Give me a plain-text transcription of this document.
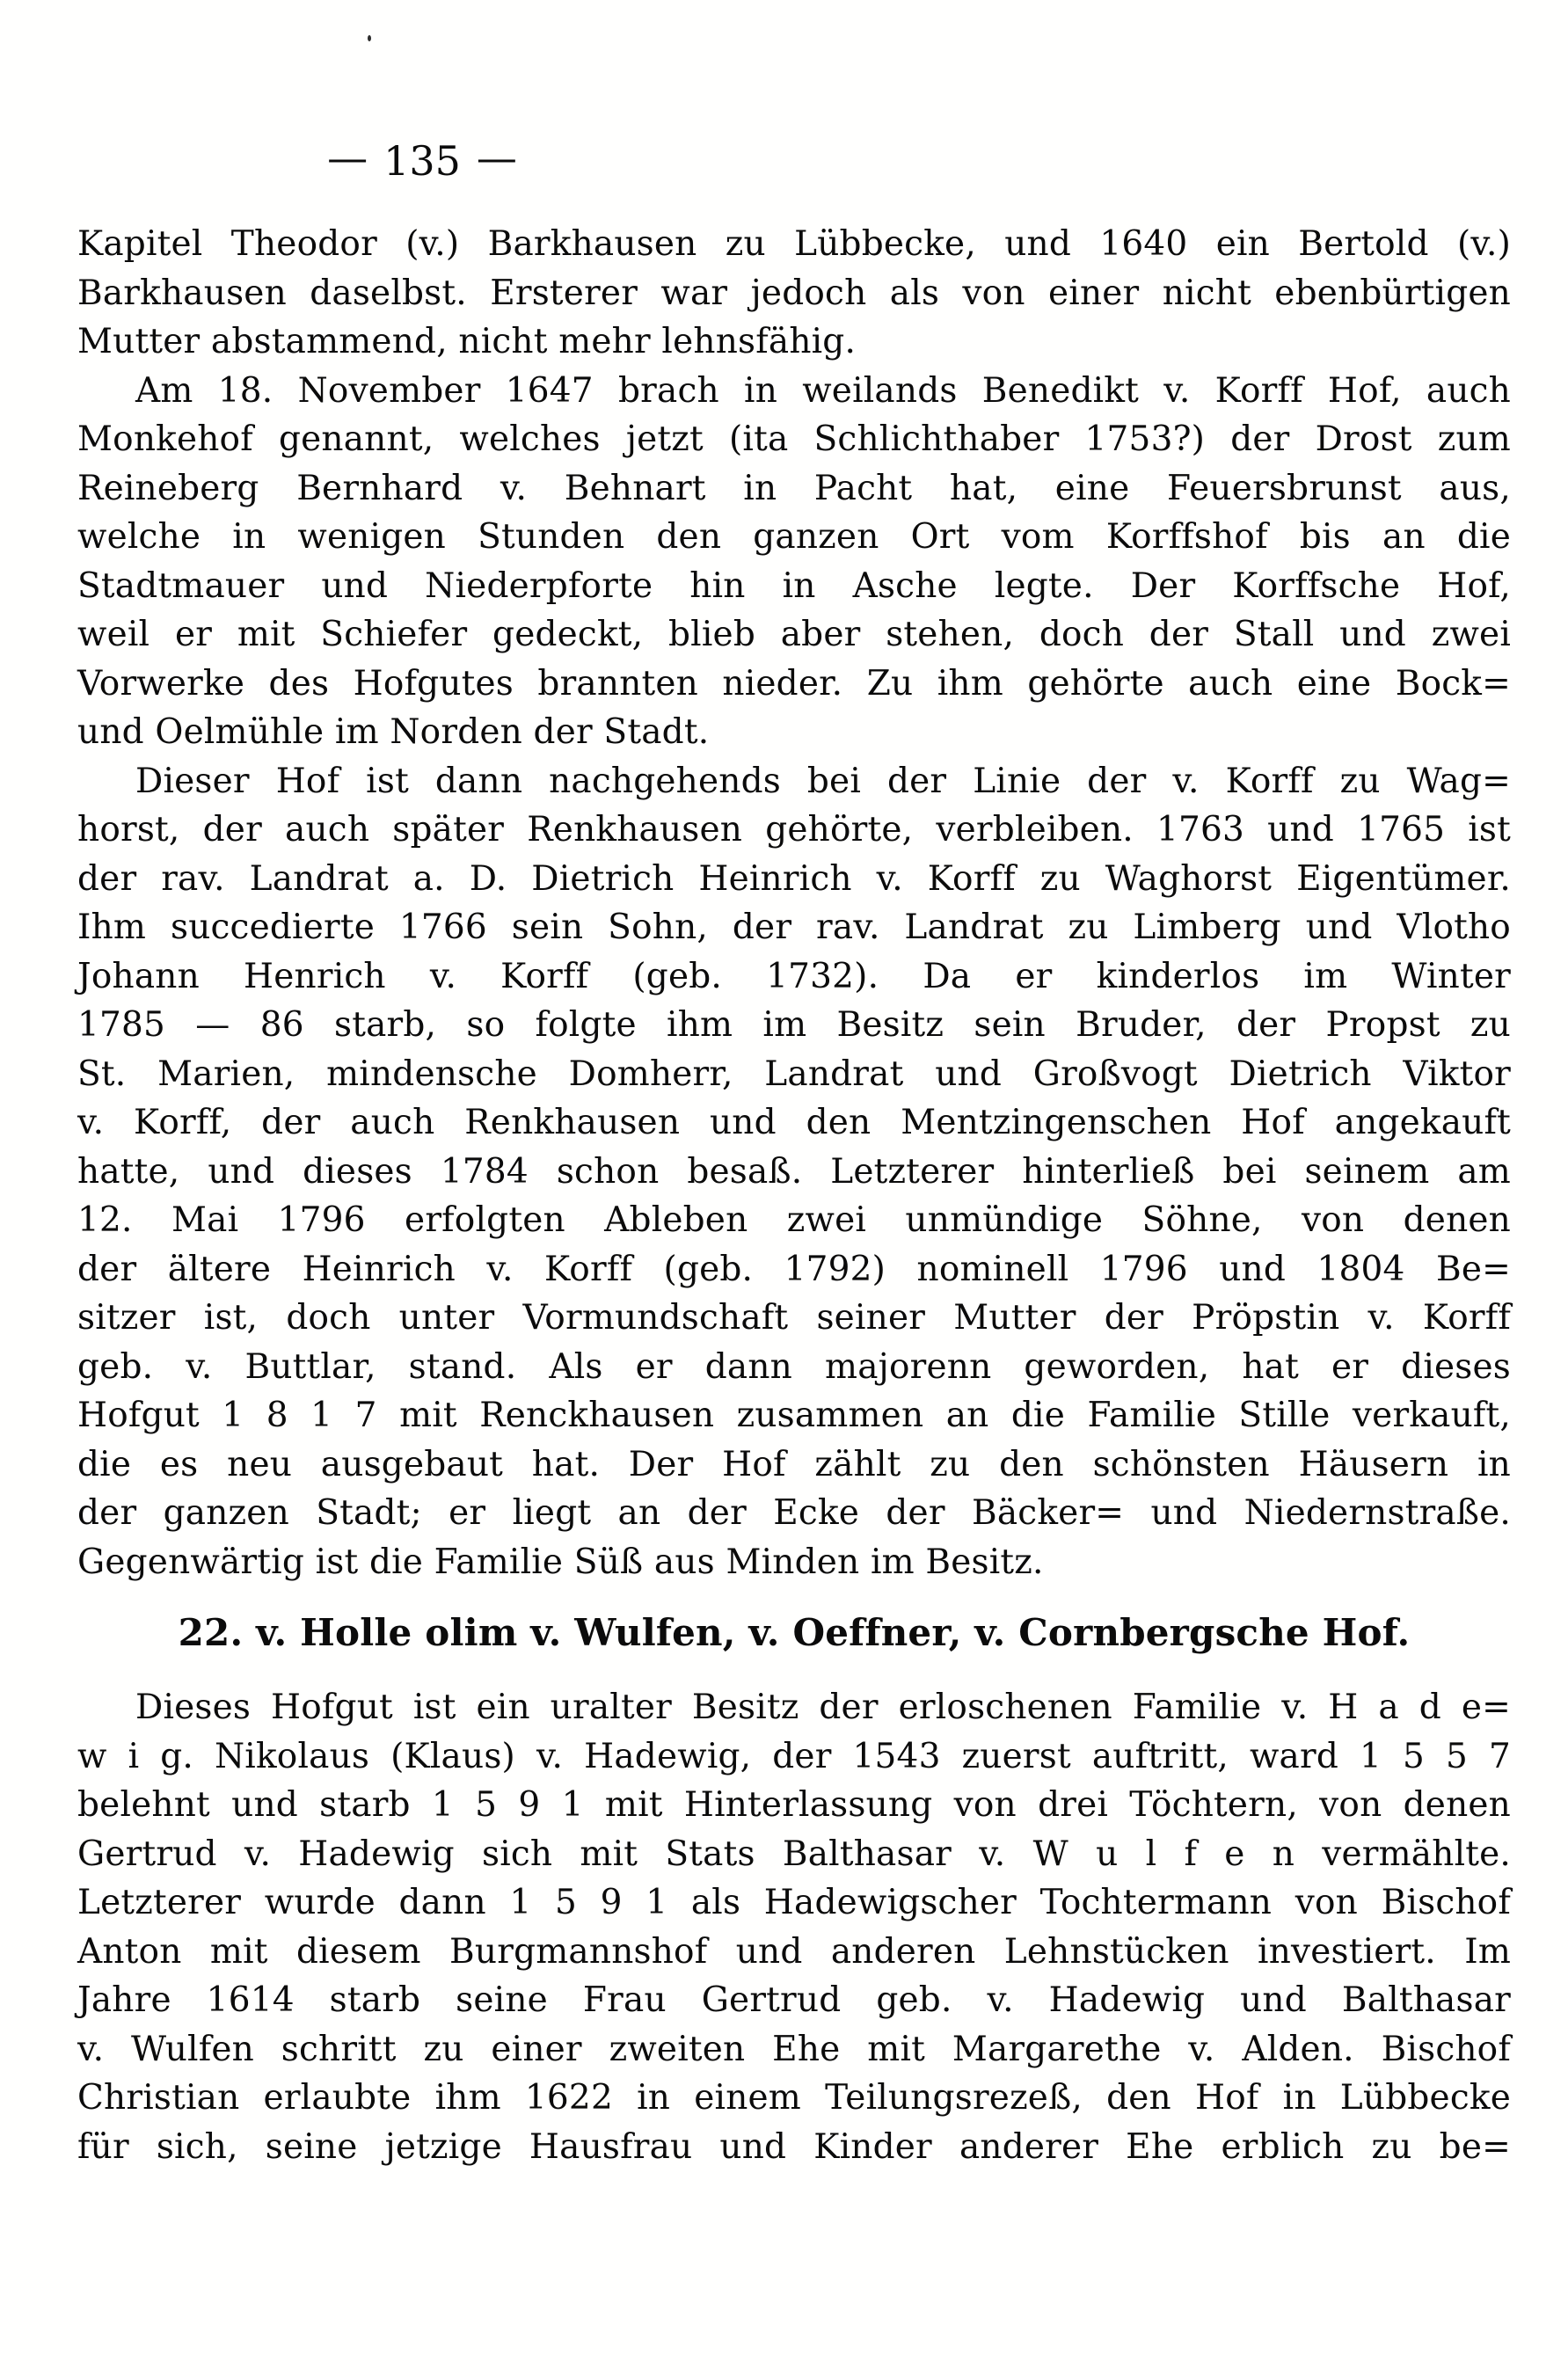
— 135 —
Kapitel Theodor (v.) Barkhausen zu Lübbecke, und 1640 ein Bertold (v.)
Barkhausen daselbst. Ersterer war jedoch als von einer nicht ebenbürtigen
Mutter abstammend, nicht mehr lehnsfähig.
Am 18. November 1647 brach in weilands Benedikt v. Korff Hof, auch
Monkehof genannt, welches jetzt (ita Schlichthaber 1753?) der Drost zum
Reineberg Bernhard v. Behnart in Pacht hat, eine Feuersbrunst aus,
welche in wenigen Stunden den ganzen Ort vom Korffshof bis an die
Stadtmauer und Niederpforte hin in Asche legte. Der Korffsche Hof,
weil er mit Schiefer gedeckt, blieb aber stehen, doch der Stall und zwei
Vorwerke des Hofgutes brannten nieder. Zu ihm gehörte auch eine Bock=
und Oelmühle im Norden der Stadt.
Dieser Hof ist dann nachgehends bei der Linie der v. Korff zu Wag=
horst, der auch später Renkhausen gehörte, verbleiben. 1763 und 1765 ist
der rav. Landrat a. D. Dietrich Heinrich v. Korff zu Waghorst Eigentümer.
Ihm succedierte 1766 sein Sohn, der rav. Landrat zu Limberg und Vlotho
Johann Henrich v. Korff (geb. 1732). Da er kinderlos im Winter
1785 — 86 starb, so folgte ihm im Besitz sein Bruder, der Propst zu
St. Marien, mindensche Domherr, Landrat und Großvogt Dietrich Viktor
v. Korff, der auch Renkhausen und den Mentzingenschen Hof angekauft
hatte, und dieses 1784 schon besaß. Letzterer hinterließ bei seinem am
12. Mai 1796 erfolgten Ableben zwei unmündige Söhne, von denen
der ältere Heinrich v. Korff (geb. 1792) nominell 1796 und 1804 Be=
sitzer ist, doch unter Vormundschaft seiner Mutter der Pröpstin v. Korff
geb. v. Buttlar, stand. Als er dann majorenn geworden, hat er dieses
Hofgut 1 8 1 7 mit Renckhausen zusammen an die Familie Stille verkauft,
die es neu ausgebaut hat. Der Hof zählt zu den schönsten Häusern in
der ganzen Stadt; er liegt an der Ecke der Bäcker= und Niedernstraße.
Gegenwärtig ist die Familie Süß aus Minden im Besitz.
22. v. Holle olim v. Wulfen, v. Oeffner, v. Cornbergsche Hof.
Dieses Hofgut ist ein uralter Besitz der erloschenen Familie v. H a d e=
w i g. Nikolaus (Klaus) v. Hadewig, der 1543 zuerst auftritt, ward 1 5 5 7
belehnt und starb 1 5 9 1 mit Hinterlassung von drei Töchtern, von denen
Gertrud v. Hadewig sich mit Stats Balthasar v. W u l f e n vermählte.
Letzterer wurde dann 1 5 9 1 als Hadewigscher Tochtermann von Bischof
Anton mit diesem Burgmannshof und anderen Lehnstücken investiert. Im
Jahre 1614 starb seine Frau Gertrud geb. v. Hadewig und Balthasar
v. Wulfen schritt zu einer zweiten Ehe mit Margarethe v. Alden. Bischof
Christian erlaubte ihm 1622 in einem Teilungsrezeß, den Hof in Lübbecke
für sich, seine jetzige Hausfrau und Kinder anderer Ehe erblich zu be=
